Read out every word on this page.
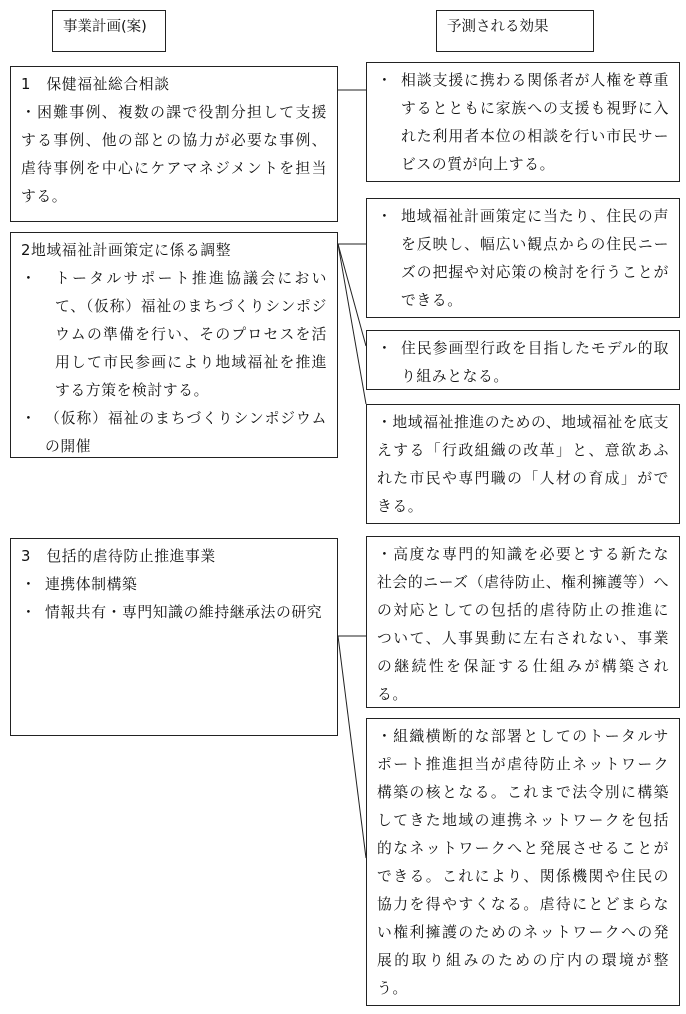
事業計画(案)	予測される効果
1　保健福祉総合相談
・困難事例、複数の課で役割分担して支援する事例、他の部との協力が必要な事例、虐待事例を中心にケアマネジメントを担当する。
2地域福祉計画策定に係る調整
・	トータルサポート推進協議会において、（仮称）福祉のまちづくりシンポジウムの準備を行い、そのプロセスを活用して市民参画により地域福祉を推進する方策を検討する。
・ （仮称）福祉のまちづくりシンポジウムの開催
3　包括的虐待防止推進事業
・ 連携体制構築
・ 情報共有・専門知識の維持継承法の研究

・ 相談支援に携わる関係者が人権を尊重するとともに家族への支援も視野に入れた利用者本位の相談を行い市民サービスの質が向上する。

・ 地域福祉計画策定に当たり、住民の声を反映し、幅広い観点からの住民ニーズの把握や対応策の検討を行うことができる。

・ 住民参画型行政を目指したモデル的取り組みとなる。

・地域福祉推進のための、地域福祉を底支えする「行政組織の改革」と、意欲あふれた市民や専門職の「人材の育成」ができる。

・高度な専門的知識を必要とする新たな社会的ニーズ（虐待防止、権利擁護等）への対応としての包括的虐待防止の推進について、人事異動に左右されない、事業の継続性を保証する仕組みが構築される。

・組織横断的な部署としてのトータルサポート推進担当が虐待防止ネットワーク構築の核となる。これまで法令別に構築してきた地域の連携ネットワークを包括的なネットワークへと発展させることができる。これにより、関係機関や住民の協力を得やすくなる。虐待にとどまらない権利擁護のためのネットワークへの発展的取り組みのための庁内の環境が整う。
